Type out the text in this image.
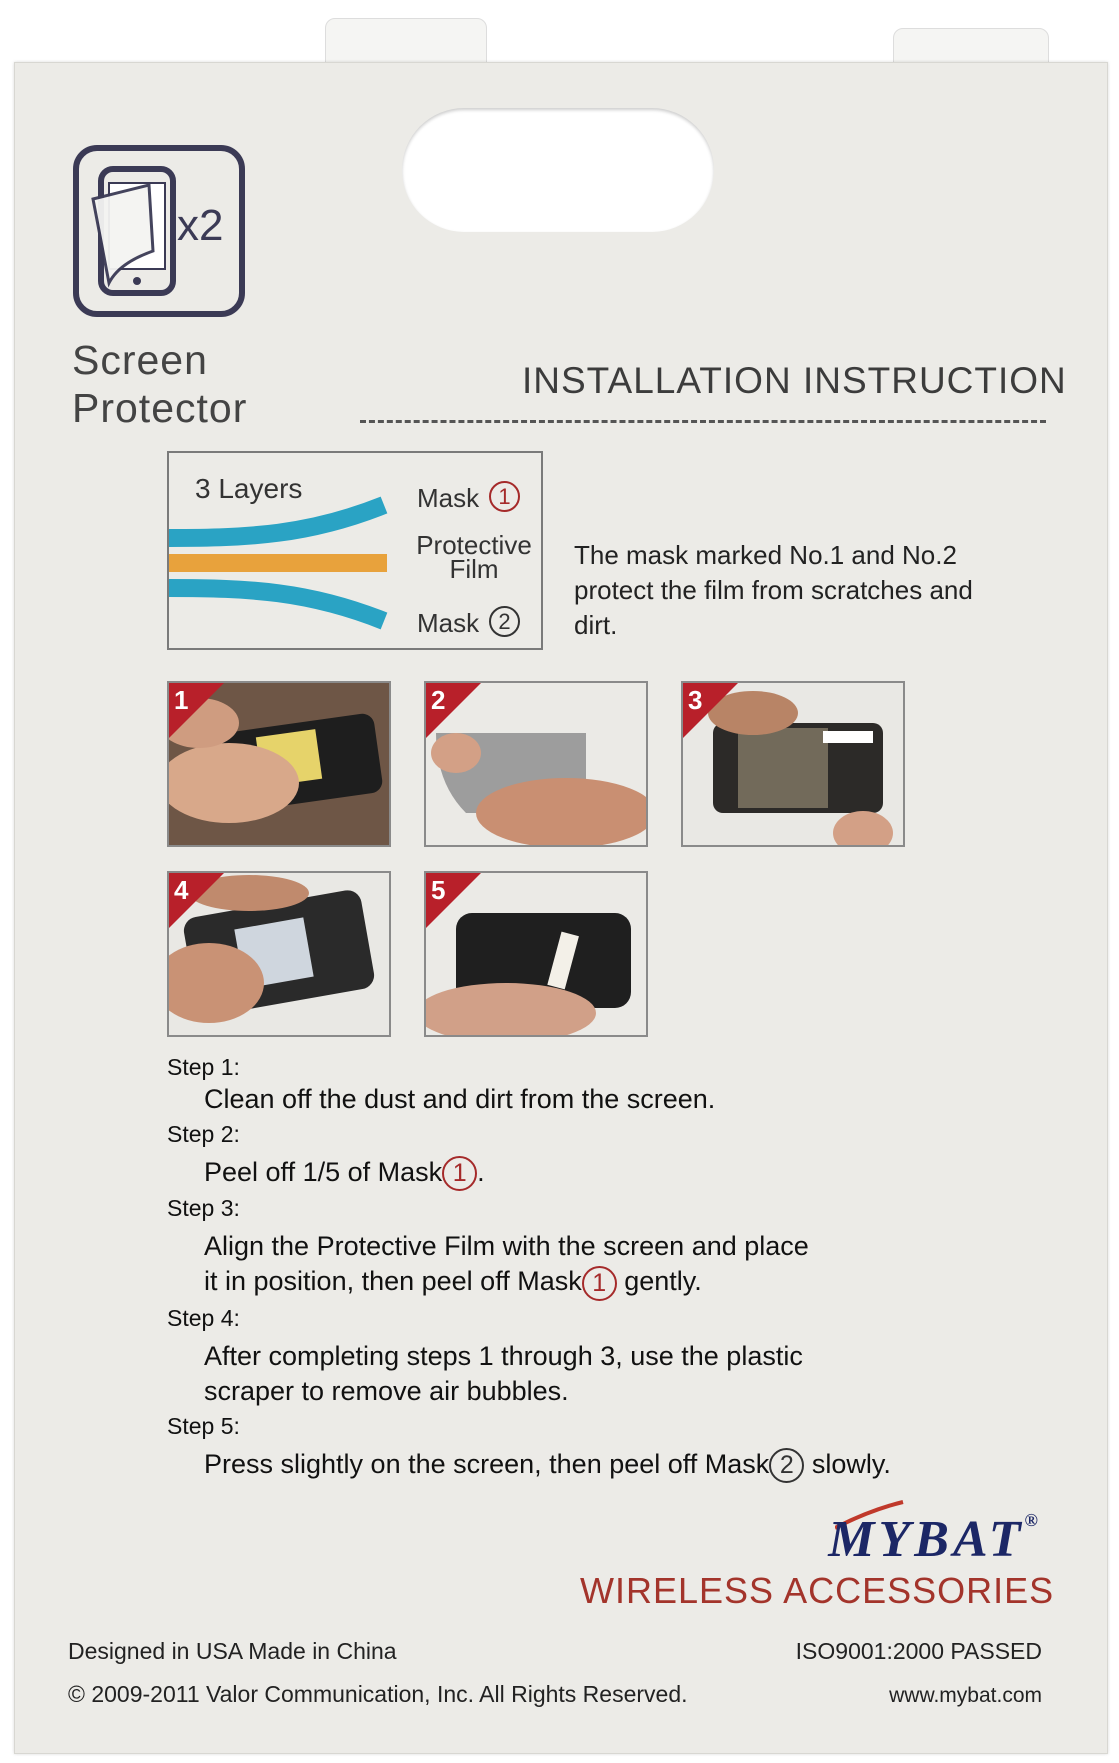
x2
Screen
Protector
INSTALLATION INSTRUCTION
3 Layers	Mask 1
Protective
Film
Mask 2
The mask marked No.1 and No.2 protect the film from scratches and dirt.
1	2	3
4	5
Step 1:
Clean off the dust and dirt from the screen.
Step 2:
Peel off 1/5 of Mask 1 .
Step 3:
Align the Protective Film with the screen and place
it in position, then peel off Mask 1 gently.
Step 4:
After completing steps 1 through 3, use the plastic
scraper to remove air bubbles.
Step 5:
Press slightly on the screen, then peel off Mask 2 slowly.
MYBAT®
WIRELESS ACCESSORIES
Designed in USA Made in China	ISO9001:2000 PASSED
© 2009-2011 Valor Communication, Inc. All Rights Reserved.	www.mybat.com
